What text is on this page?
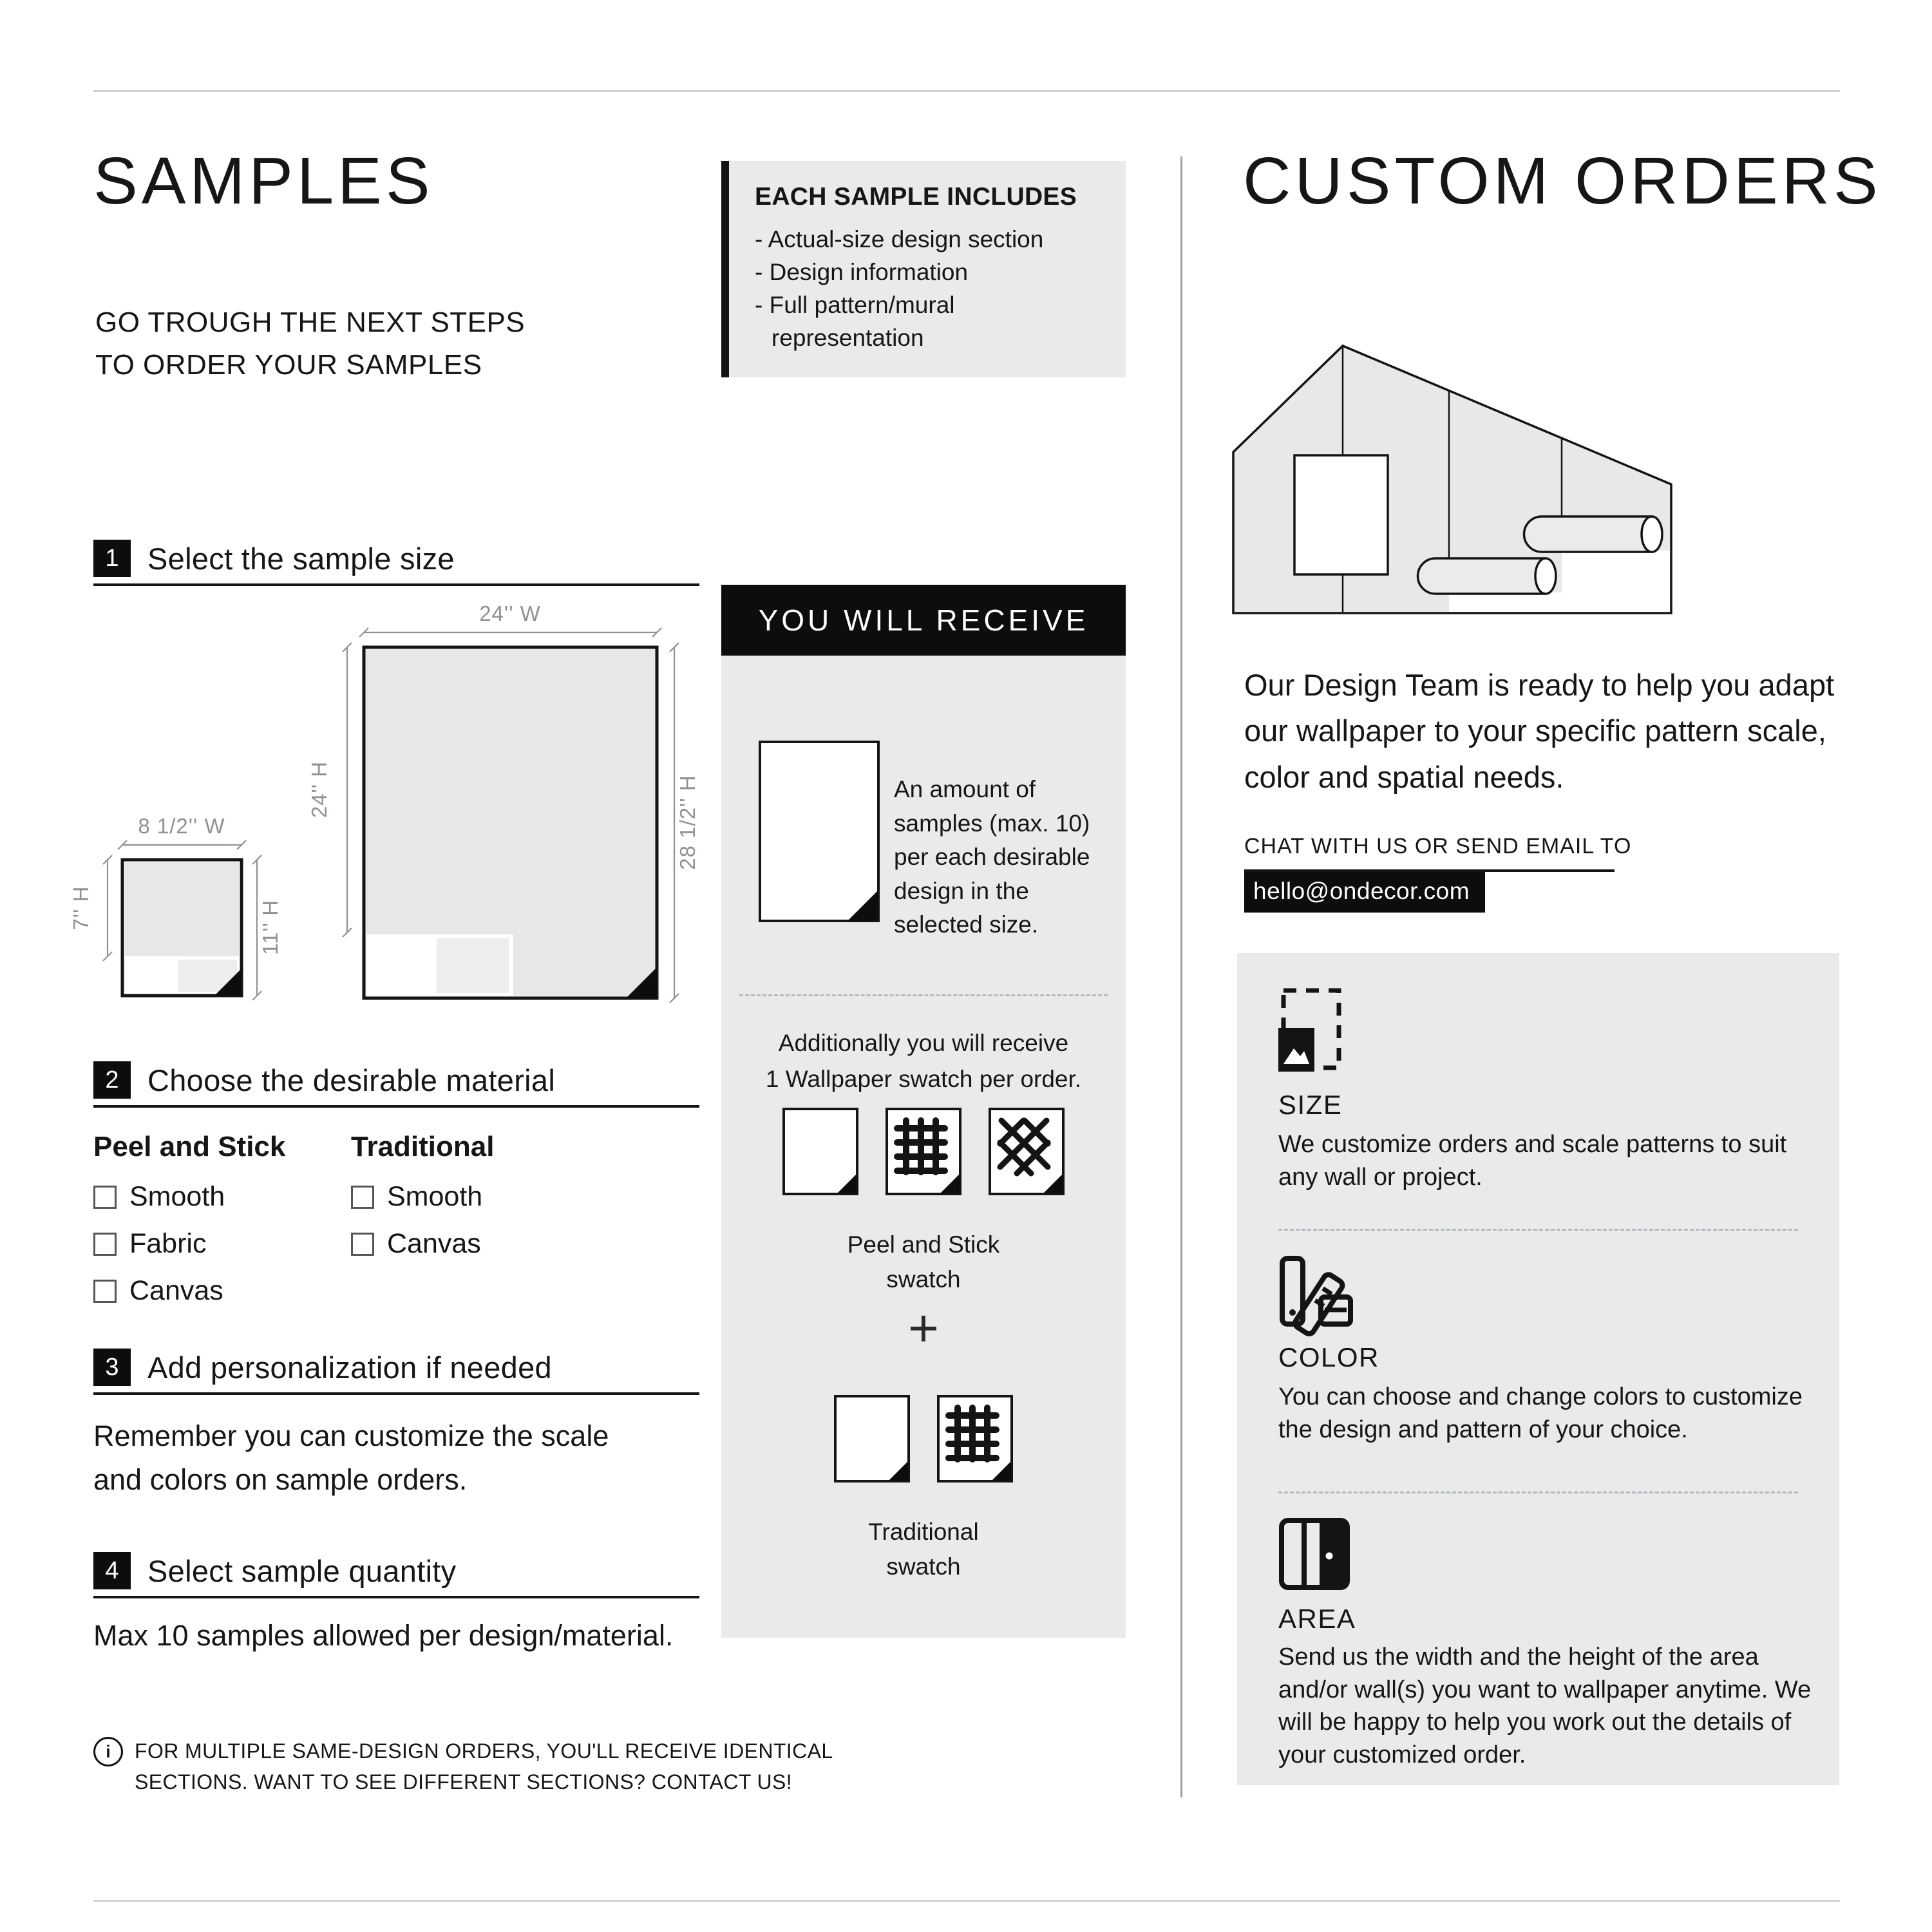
SAMPLES
GO TROUGH THE NEXT STEPS
TO ORDER YOUR SAMPLES
EACH SAMPLE INCLUDES
- Actual-size design section
- Design information
- Full pattern/mural representation
1 Select the sample size
24'' W
24'' H	28 1/2'' H
8 1/2'' W
7'' H	11'' H
2 Choose the desirable material
Peel and Stick
Smooth
Fabric
Canvas
Traditional
Smooth
Canvas
3 Add personalization if needed
Remember you can customize the scale and colors on sample orders.
4 Select sample quantity
Max 10 samples allowed per design/material.
i	FOR MULTIPLE SAME-DESIGN ORDERS, YOU'LL RECEIVE IDENTICAL
SECTIONS. WANT TO SEE DIFFERENT SECTIONS? CONTACT US!
YOU WILL RECEIVE
An amount of samples (max. 10) per each desirable design in the selected size.
Additionally you will receive
1 Wallpaper swatch per order.
Peel and Stick
swatch
+
Traditional
swatch
CUSTOM ORDERS
Our Design Team is ready to help you adapt our wallpaper to your specific pattern scale, color and spatial needs.
CHAT WITH US OR SEND EMAIL TO
hello@ondecor.com
SIZE
We customize orders and scale patterns to suit any wall or project.
COLOR
You can choose and change colors to customize the design and pattern of your choice.
AREA
Send us the width and the height of the area and/or wall(s) you want to wallpaper anytime. We will be happy to help you work out the details of your customized order.
